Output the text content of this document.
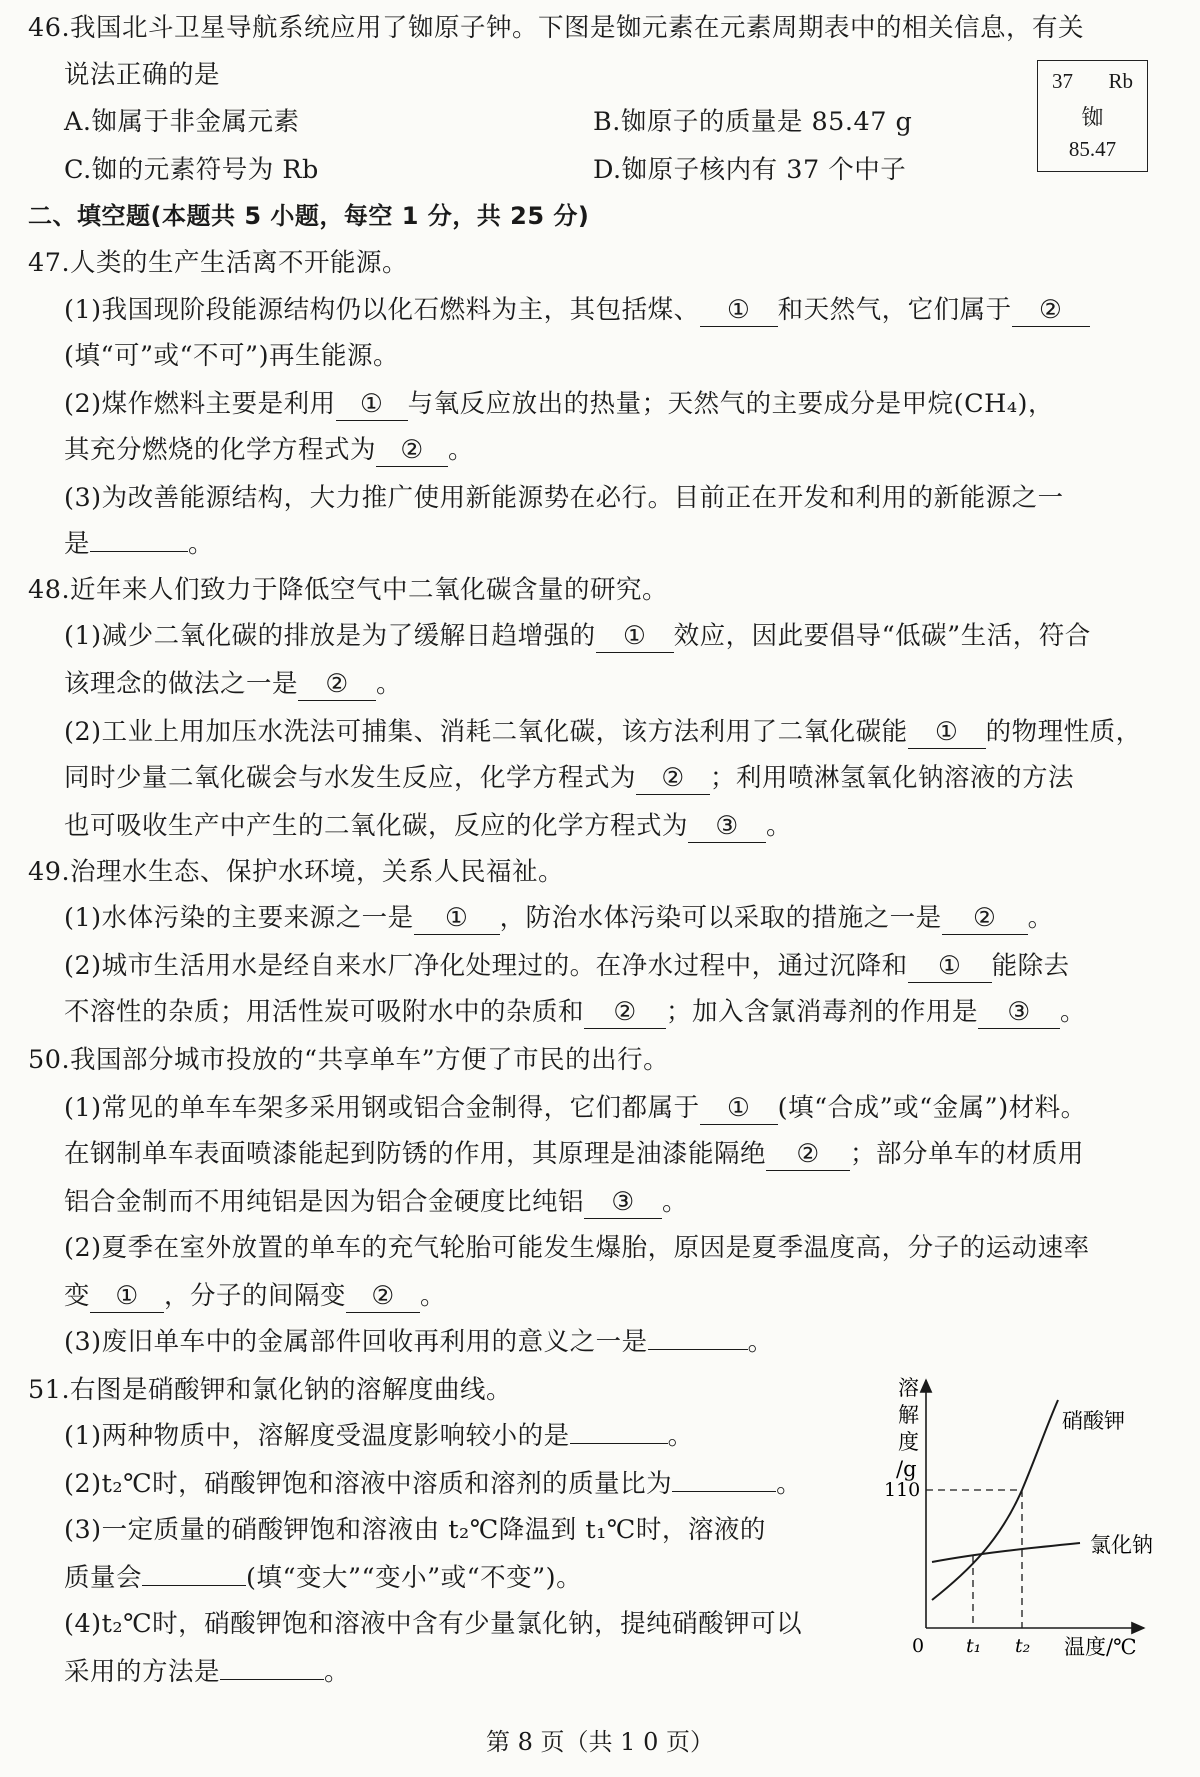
46.我国北斗卫星导航系统应用了铷原子钟。下图是铷元素在元素周期表中的相关信息，有关
说法正确的是
A.铷属于非金属元素	B.铷原子的质量是 85.47 g
C.铷的元素符号为 Rb	D.铷原子核内有 37 个中子
37 Rb
铷
85.47
二、填空题(本题共 5 小题，每空 1 分，共 25 分)
47.人类的生产生活离不开能源。
(1)我国现阶段能源结构仍以化石燃料为主，其包括煤、 ① 和天然气，它们属于 ②
(填“可”或“不可”)再生能源。
(2)煤作燃料主要是利用 ① 与氧反应放出的热量；天然气的主要成分是甲烷(CH₄)，
其充分燃烧的化学方程式为 ② 。
(3)为改善能源结构，大力推广使用新能源势在必行。目前正在开发和利用的新能源之一
是	。
48.近年来人们致力于降低空气中二氧化碳含量的研究。
(1)减少二氧化碳的排放是为了缓解日趋增强的 ① 效应，因此要倡导“低碳”生活，符合
该理念的做法之一是 ② 。
(2)工业上用加压水洗法可捕集、消耗二氧化碳，该方法利用了二氧化碳能 ① 的物理性质，
同时少量二氧化碳会与水发生反应，化学方程式为 ② ；利用喷淋氢氧化钠溶液的方法
也可吸收生产中产生的二氧化碳，反应的化学方程式为 ③ 。
49.治理水生态、保护水环境，关系人民福祉。
(1)水体污染的主要来源之一是 ① ，防治水体污染可以采取的措施之一是 ② 。
(2)城市生活用水是经自来水厂净化处理过的。在净水过程中，通过沉降和 ① 能除去
不溶性的杂质；用活性炭可吸附水中的杂质和 ② ；加入含氯消毒剂的作用是 ③ 。
50.我国部分城市投放的“共享单车”方便了市民的出行。
(1)常见的单车车架多采用钢或铝合金制得，它们都属于 ① (填“合成”或“金属”)材料。
在钢制单车表面喷漆能起到防锈的作用，其原理是油漆能隔绝 ② ；部分单车的材质用
铝合金制而不用纯铝是因为铝合金硬度比纯铝 ③ 。
(2)夏季在室外放置的单车的充气轮胎可能发生爆胎，原因是夏季温度高，分子的运动速率
变 ① ，分子的间隔变 ② 。
(3)废旧单车中的金属部件回收再利用的意义之一是	。
51.右图是硝酸钾和氯化钠的溶解度曲线。
(1)两种物质中，溶解度受温度影响较小的是	。
(2)t₂℃时，硝酸钾饱和溶液中溶质和溶剂的质量比为	。
(3)一定质量的硝酸钾饱和溶液由 t₂℃降温到 t₁℃时，溶液的
质量会	(填“变大”“变小”或“不变”)。
(4)t₂℃时，硝酸钾饱和溶液中含有少量氯化钠，提纯硝酸钾可以
采用的方法是	。
溶
解
度
/g
110
0 t₁ t₂ 温度/℃
硝酸钾
氯化钠
第 8 页（共 1 0 页）
